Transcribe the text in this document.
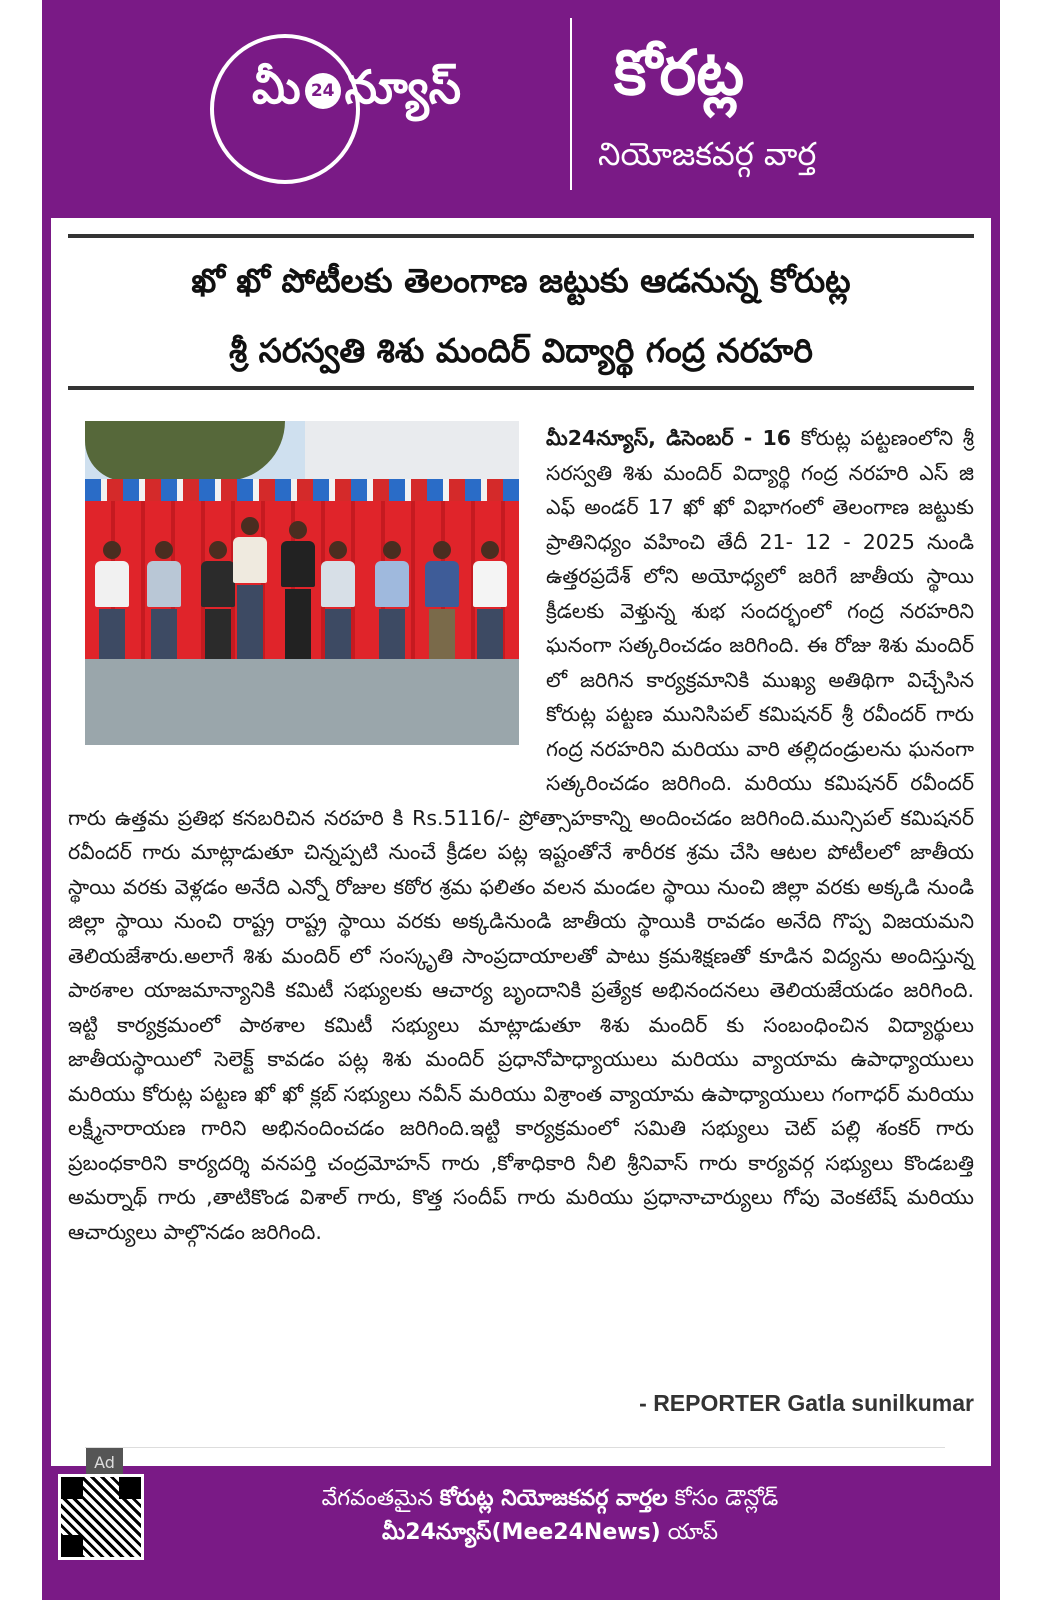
మీ 24 న్యూస్ కోరట్ల
నియోజకవర్గ వార్త
ఖో ఖో పోటీలకు తెలంగాణ జట్టుకు ఆడనున్న కోరుట్ల
శ్రీ సరస్వతి శిశు మందిర్ విద్యార్థి గంద్ర నరహరి
మీ24న్యూస్, డిసెంబర్ - 16 కోరుట్ల పట్టణంలోని శ్రీ సరస్వతి శిశు మందిర్ విద్యార్థి గంద్ర నరహరి ఎస్ జి ఎఫ్ అండర్ 17 ఖో ఖో విభాగంలో తెలంగాణ జట్టుకు ప్రాతినిధ్యం వహించి తేదీ 21- 12 - 2025 నుండి ఉత్తరప్రదేశ్ లోని అయోధ్యలో జరిగే జాతీయ స్థాయి క్రీడలకు వెళ్తున్న శుభ సందర్భంలో గంద్ర నరహరిని ఘనంగా సత్కరించడం జరిగింది. ఈ రోజు శిశు మందిర్ లో జరిగిన కార్యక్రమానికి ముఖ్య అతిథిగా విచ్చేసిన కోరుట్ల పట్టణ మునిసిపల్ కమిషనర్ శ్రీ రవీందర్ గారు గంద్ర నరహరిని మరియు వారి తల్లిదండ్రులను ఘనంగా సత్కరించడం జరిగింది. మరియు కమిషనర్ రవీందర్ గారు ఉత్తమ ప్రతిభ కనబరిచిన నరహరి కి Rs.5116/- ప్రోత్సాహకాన్ని అందించడం జరిగింది.మున్సిపల్ కమిషనర్ రవీందర్ గారు మాట్లాడుతూ చిన్నప్పటి నుంచే క్రీడల పట్ల ఇష్టంతోనే శారీరక శ్రమ చేసి ఆటల పోటీలలో జాతీయ స్థాయి వరకు వెళ్లడం అనేది ఎన్నో రోజుల కఠోర శ్రమ ఫలితం వలన మండల స్థాయి నుంచి జిల్లా వరకు అక్కడి నుండి జిల్లా స్థాయి నుంచి రాష్ట్ర రాష్ట్ర స్థాయి వరకు అక్కడినుండి జాతీయ స్థాయికి రావడం అనేది గొప్ప విజయమని తెలియజేశారు.అలాగే శిశు మందిర్ లో సంస్కృతి సాంప్రదాయాలతో పాటు క్రమశిక్షణతో కూడిన విద్యను అందిస్తున్న పాఠశాల యాజమాన్యానికి కమిటీ సభ్యులకు ఆచార్య బృందానికి ప్రత్యేక అభినందనలు తెలియజేయడం జరిగింది. ఇట్టి కార్యక్రమంలో పాఠశాల కమిటీ సభ్యులు మాట్లాడుతూ శిశు మందిర్ కు సంబంధించిన విద్యార్థులు జాతీయస్థాయిలో సెలెక్ట్ కావడం పట్ల శిశు మందిర్ ప్రధానోపాధ్యాయులు మరియు వ్యాయామ ఉపాధ్యాయులు మరియు కోరుట్ల పట్టణ ఖో ఖో క్లబ్ సభ్యులు నవీన్ మరియు విశ్రాంత వ్యాయామ ఉపాధ్యాయులు గంగాధర్ మరియు లక్ష్మీనారాయణ గారిని అభినందించడం జరిగింది.ఇట్టి కార్యక్రమంలో సమితి సభ్యులు చెట్ పల్లి శంకర్ గారు ప్రబంధకారిని కార్యదర్శి వనపర్తి చంద్రమోహన్ గారు ,కోశాధికారి నీలి శ్రీనివాస్ గారు కార్యవర్గ సభ్యులు కొండబత్తి అమర్నాథ్ గారు ,తాటికొండ విశాల్ గారు, కొత్త సందీప్ గారు మరియు ప్రధానాచార్యులు గోపు వెంకటేష్ మరియు ఆచార్యులు పాల్గొనడం జరిగింది.
- REPORTER Gatla sunilkumar
Ad
వేగవంతమైన కోరుట్ల నియోజకవర్గ వార్తల కోసం డౌన్లోడ్
మీ24న్యూస్(Mee24News) యాప్
